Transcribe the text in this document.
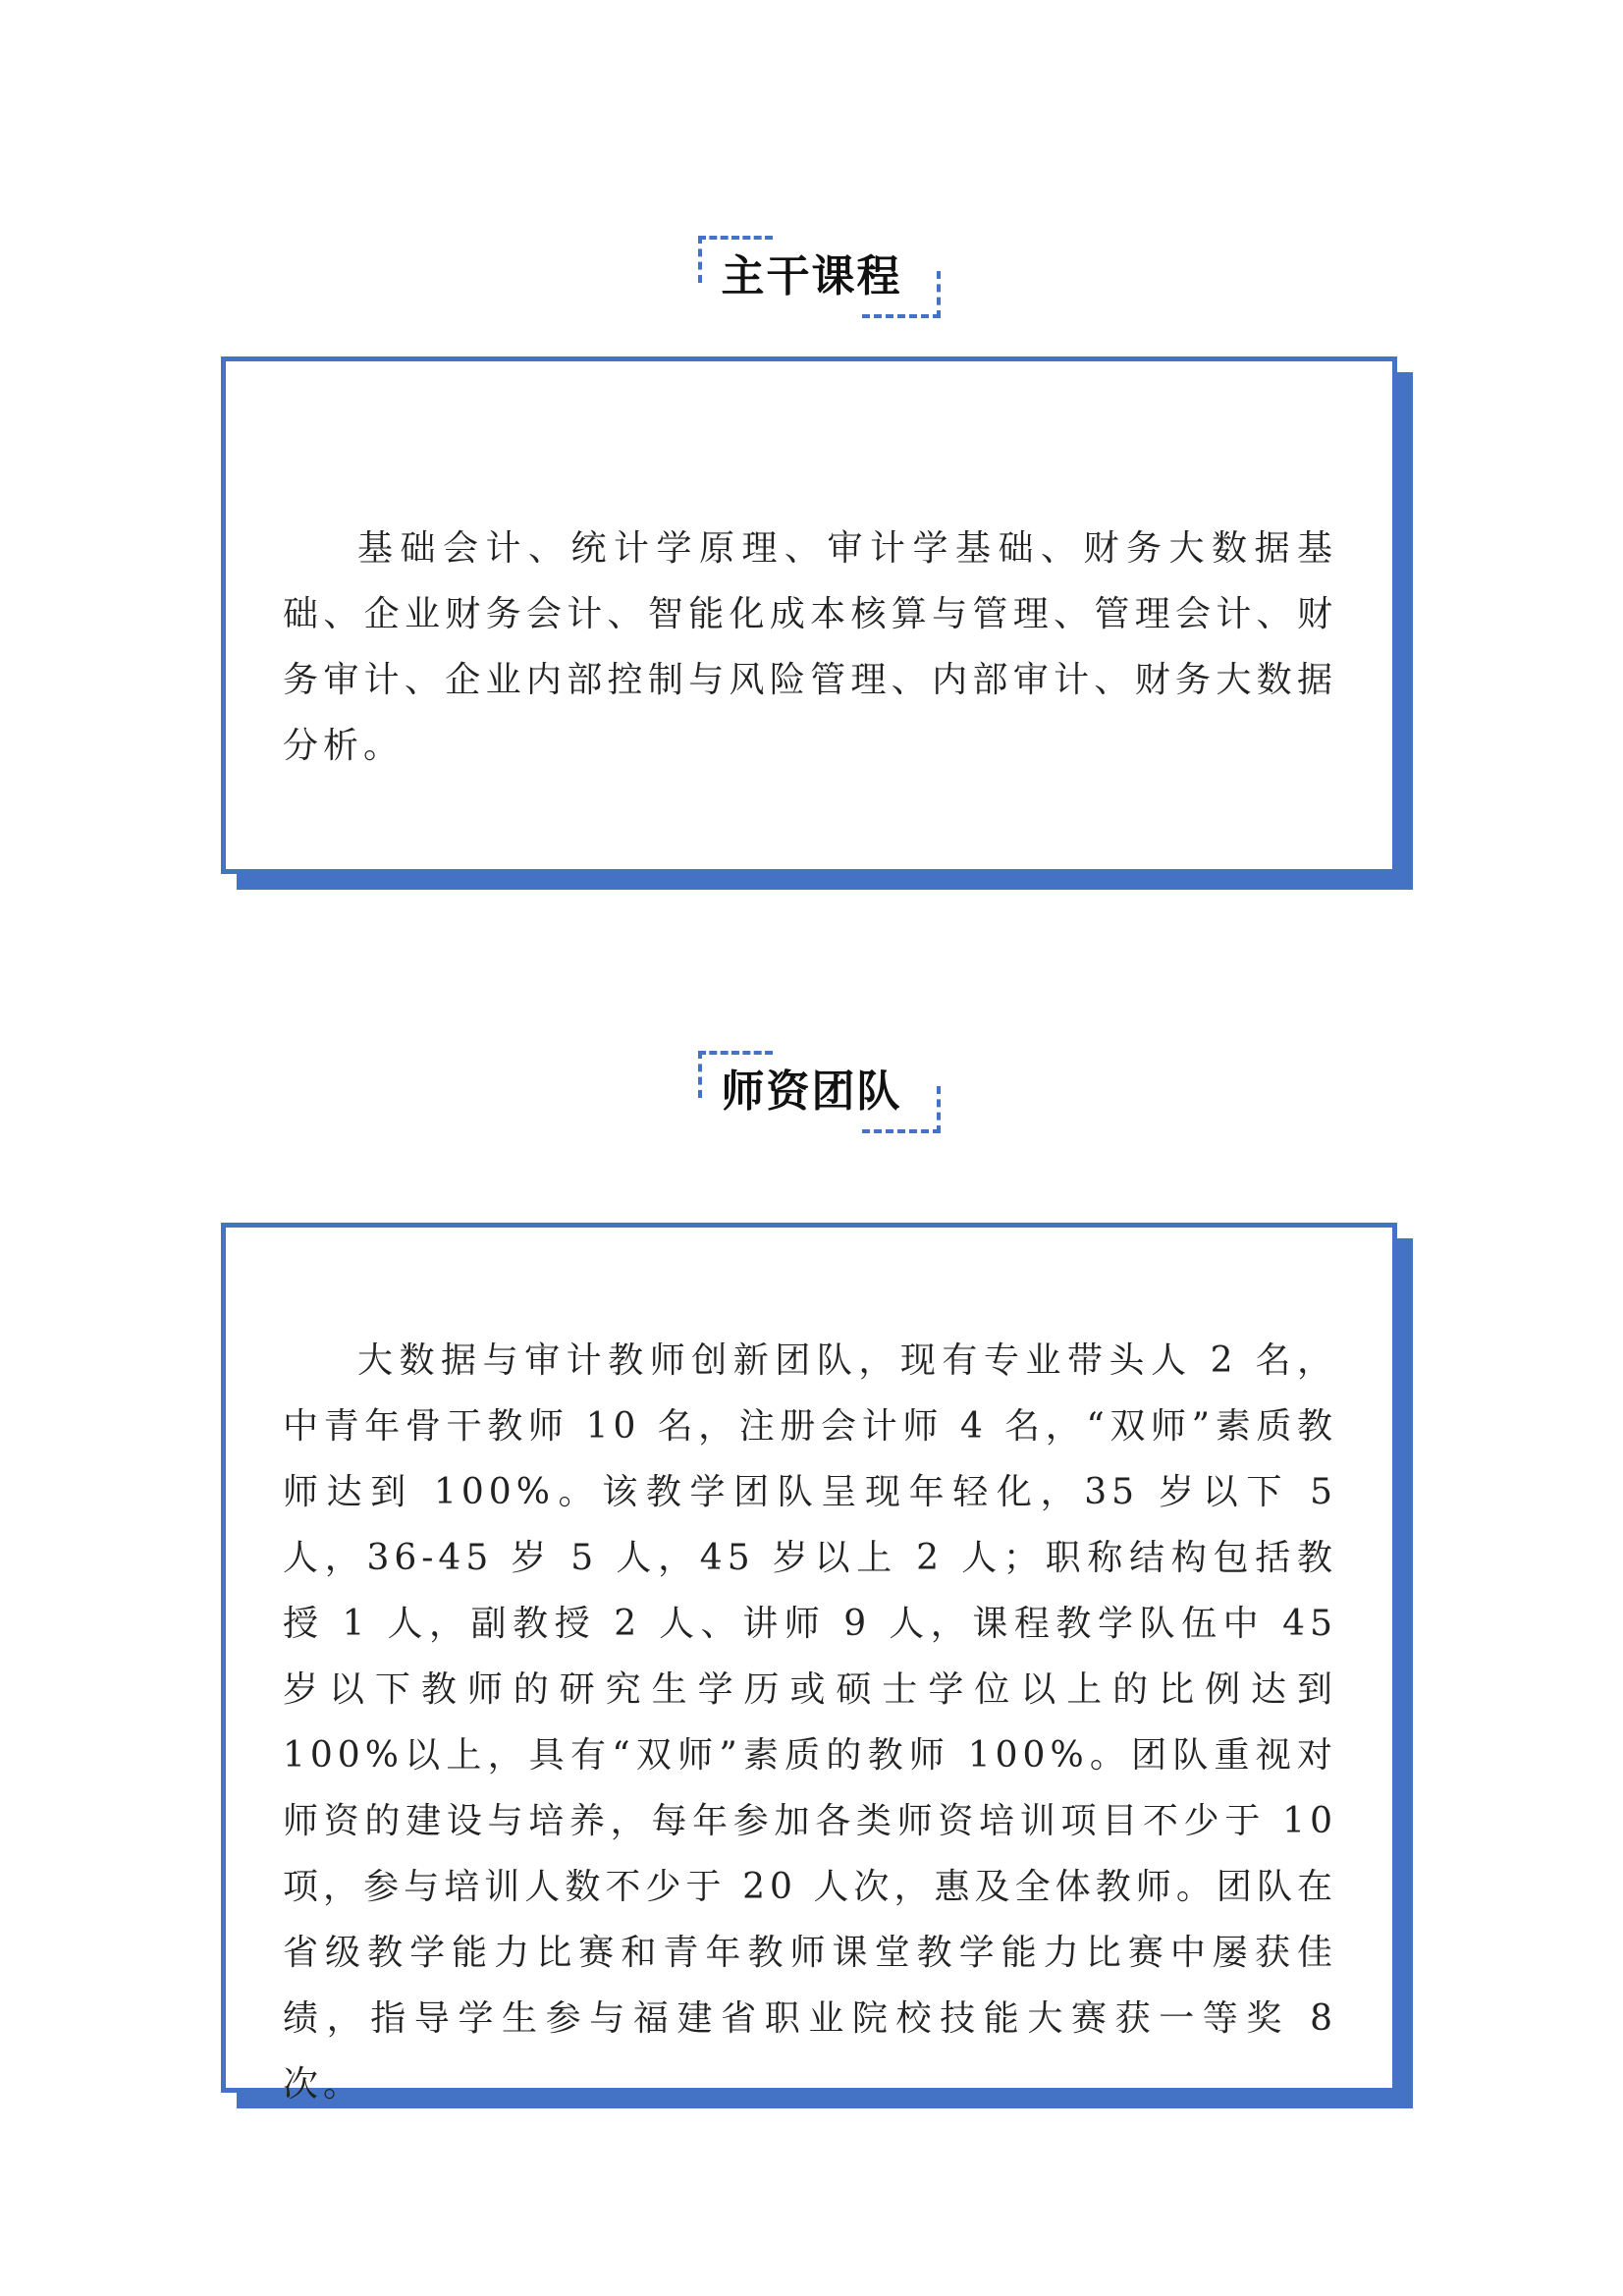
主干课程

基础会计、统计学原理、审计学基础、财务大数据基础、企业财务会计、智能化成本核算与管理、管理会计、财务审计、企业内部控制与风险管理、内部审计、财务大数据分析。

师资团队

大数据与审计教师创新团队，现有专业带头人 2 名，中青年骨干教师 10 名，注册会计师 4 名，“双师”素质教师达到 100%。该教学团队呈现年轻化，35 岁以下 5 人，36-45 岁 5 人，45 岁以上 2 人；职称结构包括教授 1 人，副教授 2 人、讲师 9 人，课程教学队伍中 45 岁以下教师的研究生学历或硕士学位以上的比例达到 100%以上，具有“双师”素质的教师 100%。团队重视对师资的建设与培养，每年参加各类师资培训项目不少于 10 项，参与培训人数不少于 20 人次，惠及全体教师。团队在省级教学能力比赛和青年教师课堂教学能力比赛中屡获佳绩，指导学生参与福建省职业院校技能大赛获一等奖 8 次。
